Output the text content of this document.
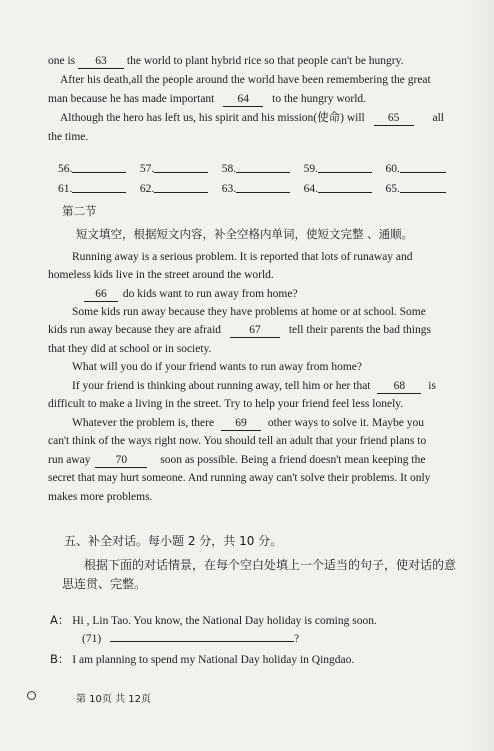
one is 63 the world to plant hybrid rice so that people can't be hungry.
After his death,all the people around the world have been remembering the great
man because he has made important 64 to the hungry world.
Although the hero has left us, his spirit and his mission(使命) will 65	all
the time.
56.	57.	58.	59.	60.
61.	62.	63.	64.	65.
第二节
短文填空，根据短文内容，补全空格内单词，使短文完整 、通顺。
Running away is a serious problem. It is reported that lots of runaway and
homeless kids live in the street around the world.
66 do kids want to run away from home?
Some kids run away because they have problems at home or at school. Some
kids run away because they are afraid 67 tell their parents the bad things
that they did at school or in society.
What will you do if your friend wants to run away from home?
If your friend is thinking about running away, tell him or her that 68 is
difficult to make a living in the street. Try to help your friend feel less lonely.
Whatever the problem is, there 69 other ways to solve it. Maybe you
can't think of the ways right now. You should tell an adult that your friend plans to
run away 70	soon as possible. Being a friend doesn't mean keeping the
secret that may hurt someone. And running away can't solve their problems. It only
makes more problems.
五、补全对话。每小题 2 分，共 10 分。
根据下面的对话情景，在每个空白处填上一个适当的句子，使对话的意
思连贯、完整。
A： Hi , Lin Tao. You know, the National Day holiday is coming soon.
(71)	?
B： I am planning to spend my National Day holiday in Qingdao.
第 10页 共 12页
